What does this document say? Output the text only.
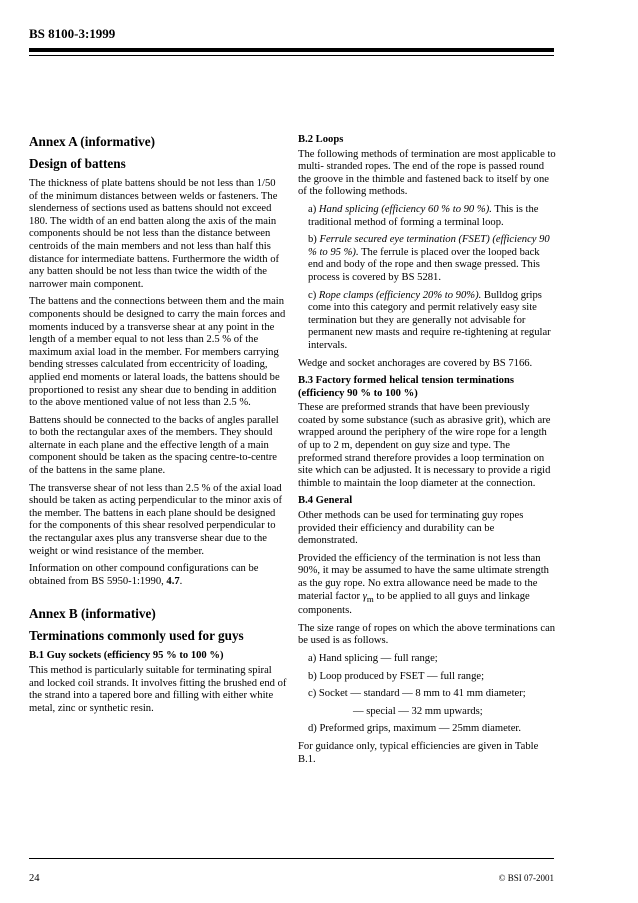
BS 8100-3:1999
Annex A (informative)
Design of battens

The thickness of plate battens should be not less than 1/50 of the minimum distances between welds or fasteners. The slenderness of sections used as battens should not exceed 180. The width of an end batten along the axis of the main components should be not less than the distance between centroids of the main members and not less than half this distance for intermediate battens. Furthermore the width of any batten should be not less than twice the width of the narrower main component.

The battens and the connections between them and the main components should be designed to carry the main forces and moments induced by a transverse shear at any point in the length of a member equal to not less than 2.5 % of the maximum axial load in the member. For members carrying bending stresses calculated from eccentricity of loading, applied end moments or lateral loads, the battens should be proportioned to resist any shear due to bending in addition to the above mentioned value of not less than 2.5 %.

Battens should be connected to the backs of angles parallel to both the rectangular axes of the members. They should alternate in each plane and the effective length of a main component should be taken as the spacing centre-to-centre of the battens in the same plane.

The transverse shear of not less than 2.5 % of the axial load should be taken as acting perpendicular to the minor axis of the member. The battens in each plane should be designed for the components of this shear resolved perpendicular to the rectangular axes plus any transverse shear due to the weight or wind resistance of the member.

Information on other compound configurations can be obtained from BS 5950-1:1990, 4.7.

Annex B (informative)
Terminations commonly used for guys
B.1 Guy sockets (efficiency 95 % to 100 %)

This method is particularly suitable for terminating spiral and locked coil strands. It involves fitting the brushed end of the strand into a tapered bore and filling with either white metal, zinc or synthetic resin.

B.2 Loops

The following methods of termination are most applicable to multi- stranded ropes. The end of the rope is passed round the groove in the thimble and fastened back to itself by one of the following methods.

a) Hand splicing (efficiency 60 % to 90 %). This is the traditional method of forming a terminal loop.

b) Ferrule secured eye termination (FSET) (efficiency 90 % to 95 %). The ferrule is placed over the looped back end and body of the rope and then swage pressed. This process is covered by BS 5281.

c) Rope clamps (efficiency 20% to 90%). Bulldog grips come into this category and permit relatively easy site termination but they are generally not advisable for permanent new masts and require re-tightening at regular intervals.

Wedge and socket anchorages are covered by BS 7166.

B.3 Factory formed helical tension terminations (efficiency 90 % to 100 %)

These are preformed strands that have been previously coated by some substance (such as abrasive grit), which are wrapped around the periphery of the wire rope for a length of up to 2 m, dependent on guy size and type. The preformed strand therefore provides a loop termination on site which can be adjusted. It is necessary to provide a rigid thimble to maintain the loop diameter at the connection.

B.4 General

Other methods can be used for terminating guy ropes provided their efficiency and durability can be demonstrated.

Provided the efficiency of the termination is not less than 90%, it may be assumed to have the same ultimate strength as the guy rope. No extra allowance need be made to the material factor $\gamma_m$ to be applied to all guys and linkage components.

The size range of ropes on which the above terminations can be used is as follows.

a) Hand splicing — full range;

b) Loop produced by FSET — full range;

c) Socket — standard — 8 mm to 41 mm diameter;

— special — 32 mm upwards;

d) Preformed grips, maximum — 25mm diameter.

For guidance only, typical efficiencies are given in Table B.1.

24	© BSI 07-2001
